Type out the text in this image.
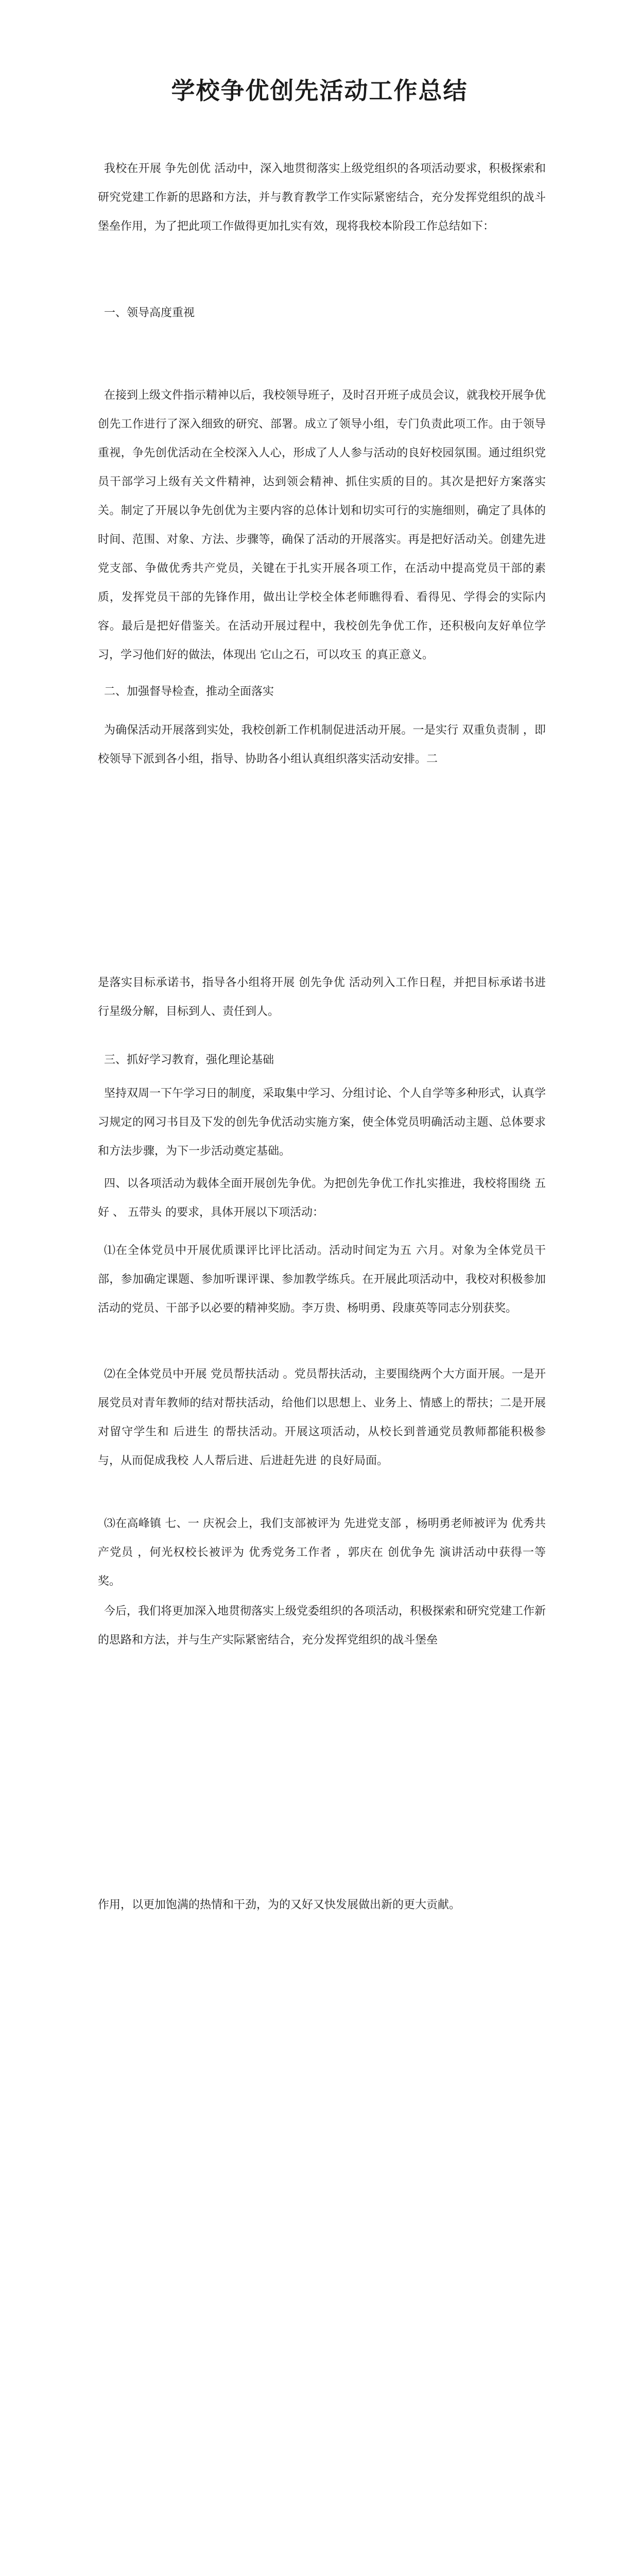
学校争优创先活动工作总结

我校在开展 争先创优 活动中，深入地贯彻落实上级党组织的各项活动要求，积极探索和研究党建工作新的思路和方法，并与教育教学工作实际紧密结合，充分发挥党组织的战斗堡垒作用，为了把此项工作做得更加扎实有效，现将我校本阶段工作总结如下：

一、领导高度重视

在接到上级文件指示精神以后，我校领导班子，及时召开班子成员会议，就我校开展争优创先工作进行了深入细致的研究、部署。成立了领导小组，专门负责此项工作。由于领导重视，争先创优活动在全校深入人心，形成了人人参与活动的良好校园氛围。通过组织党员干部学习上级有关文件精神，达到领会精神、抓住实质的目的。其次是把好方案落实关。制定了开展以争先创优为主要内容的总体计划和切实可行的实施细则，确定了具体的时间、范围、对象、方法、步骤等，确保了活动的开展落实。再是把好活动关。创建先进党支部、争做优秀共产党员，关键在于扎实开展各项工作，在活动中提高党员干部的素质，发挥党员干部的先锋作用，做出让学校全体老师瞧得看、看得见、学得会的实际内容。最后是把好借鉴关。在活动开展过程中，我校创先争优工作，还积极向友好单位学习，学习他们好的做法，体现出 它山之石，可以攻玉 的真正意义。

二、加强督导检查，推动全面落实

为确保活动开展落到实处，我校创新工作机制促进活动开展。一是实行 双重负责制 ，即校领导下派到各小组，指导、协助各小组认真组织落实活动安排。二

是落实目标承诺书，指导各小组将开展 创先争优 活动列入工作日程，并把目标承诺书进行星级分解，目标到人、责任到人。

三、抓好学习教育，强化理论基础

坚持双周一下午学习日的制度，采取集中学习、分组讨论、个人自学等多种形式，认真学习规定的网习书目及下发的创先争优活动实施方案，使全体党员明确活动主题、总体要求和方法步骤，为下一步活动奠定基础。

四、以各项活动为载体全面开展创先争优。为把创先争优工作扎实推进，我校将围绕 五好 、 五带头 的要求，具体开展以下项活动：

⑴在全体党员中开展优质课评比评比活动。活动时间定为五 六月。对象为全体党员干部，参加确定课题、参加听课评课、参加教学练兵。在开展此项活动中，我校对积极参加活动的党员、干部予以必要的精神奖励。李万贵、杨明勇、段康英等同志分别获奖。

⑵在全体党员中开展 党员帮扶活动 。党员帮扶活动，主要围绕两个大方面开展。一是开展党员对青年教师的结对帮扶活动，给他们以思想上、业务上、情感上的帮扶；二是开展对留守学生和 后进生 的帮扶活动。开展这项活动，从校长到普通党员教师都能积极参与，从而促成我校 人人帮后进、后进赶先进 的良好局面。

⑶在高峰镇 七、一 庆祝会上，我们支部被评为 先进党支部 ，杨明勇老师被评为 优秀共产党员 ，何光权校长被评为 优秀党务工作者 ，郭庆在 创优争先 演讲活动中获得一等奖。

今后，我们将更加深入地贯彻落实上级党委组织的各项活动，积极探索和研究党建工作新的思路和方法，并与生产实际紧密结合，充分发挥党组织的战斗堡垒

作用，以更加饱满的热情和干劲，为的又好又快发展做出新的更大贡献。
